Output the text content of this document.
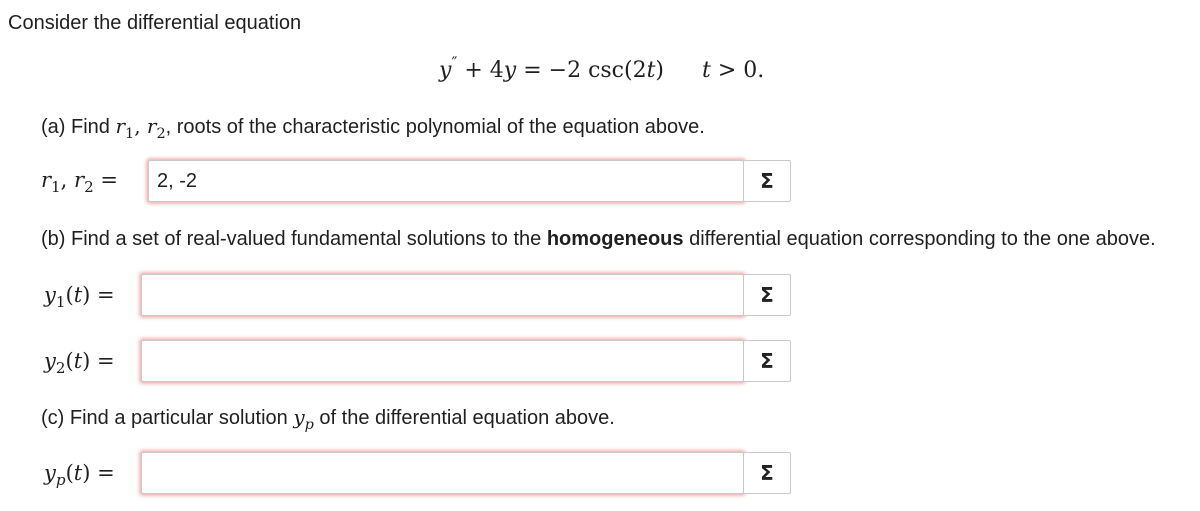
Consider the differential equation
y″ + 4y = −2 csc(2t) t > 0.
(a) Find $r_1$, $r_2$, roots of the characteristic polynomial of the equation above.
$r_1$, $r_2$ =
2, -2	Σ
(b) Find a set of real-valued fundamental solutions to the homogeneous differential equation corresponding to the one above.
$y_1(t)$ =	Σ
$y_2(t)$ =	Σ
(c) Find a particular solution $y_p$ of the differential equation above.
$y_p(t)$ =	Σ
